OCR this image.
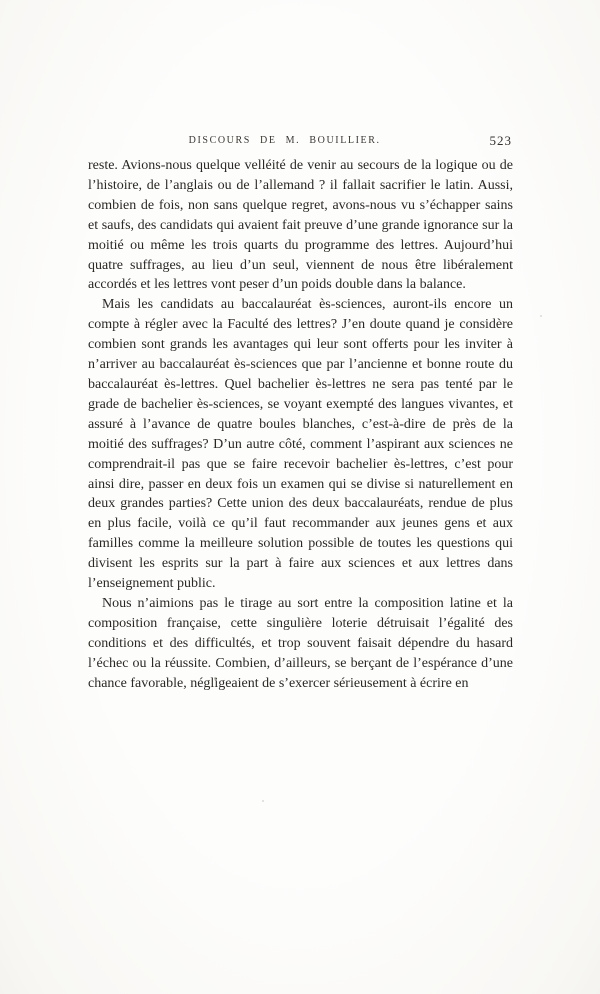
DISCOURS DE M. BOUILLIER.	523

reste. Avions-nous quelque velléité de venir au secours de la logique ou de l’histoire, de l’anglais ou de l’allemand ? il fallait sacrifier le latin. Aussi, combien de fois, non sans quelque regret, avons-nous vu s’échapper sains et saufs, des candidats qui avaient fait preuve d’une grande ignorance sur la moitié ou même les trois quarts du programme des lettres. Aujourd’hui quatre suffrages, au lieu d’un seul, viennent de nous être libéralement accordés et les lettres vont peser d’un poids double dans la balance.

Mais les candidats au baccalauréat ès-sciences, auront-ils encore un compte à régler avec la Faculté des lettres? J’en doute quand je considère combien sont grands les avantages qui leur sont offerts pour les inviter à n’arriver au baccalauréat ès-sciences que par l’ancienne et bonne route du baccalauréat ès-lettres. Quel bachelier ès-lettres ne sera pas tenté par le grade de bachelier ès-sciences, se voyant exempté des langues vivantes, et assuré à l’avance de quatre boules blanches, c’est-à-dire de près de la moitié des suffrages? D’un autre côté, comment l’aspirant aux sciences ne comprendrait-il pas que se faire recevoir bachelier ès-lettres, c’est pour ainsi dire, passer en deux fois un examen qui se divise si naturellement en deux grandes parties? Cette union des deux baccalauréats, rendue de plus en plus facile, voilà ce qu’il faut recommander aux jeunes gens et aux familles comme la meilleure solution possible de toutes les questions qui divisent les esprits sur la part à faire aux sciences et aux lettres dans l’enseignement public.

Nous n’aimions pas le tirage au sort entre la composition latine et la composition française, cette singulière loterie détruisait l’égalité des conditions et des difficultés, et trop souvent faisait dépendre du hasard l’échec ou la réussite. Combien, d’ailleurs, se berçant de l’espérance d’une chance favorable, négligeaient de s’exercer sérieusement à écrire en
